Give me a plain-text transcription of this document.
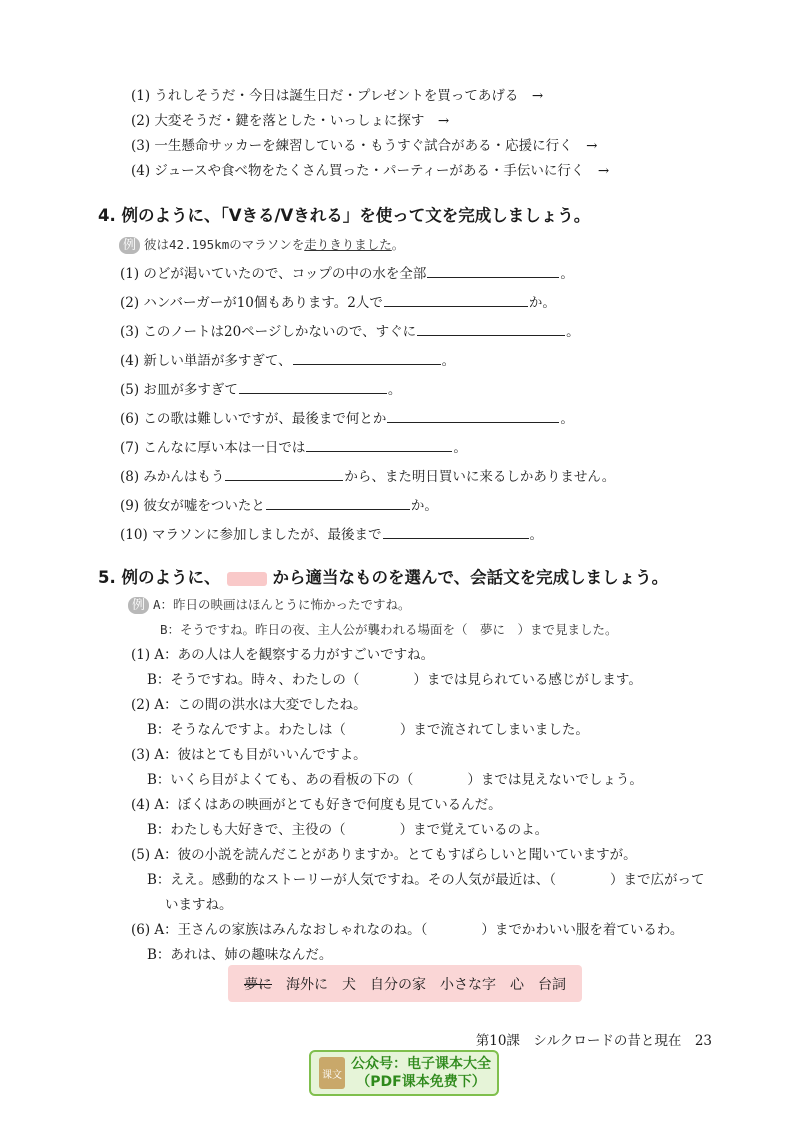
(1) うれしそうだ・今日は誕生日だ・プレゼントを買ってあげる　→
(2) 大変そうだ・鍵を落とした・いっしょに探す　→
(3) 一生懸命サッカーを練習している・もうすぐ試合がある・応援に行く　→
(4) ジュースや食べ物をたくさん買った・パーティーがある・手伝いに行く　→
4. 例のように、「Vきる/Vきれる」を使って文を完成しましょう。
例 彼は42.195kmのマラソンを走りきりました。
(1) のどが渇いていたので、コップの中の水を全部	。
(2) ハンバーガーが10個もあります。2人で	か。
(3) このノートは20ページしかないので、すぐに	。
(4) 新しい単語が多すぎて、	。
(5) お皿が多すぎて	。
(6) この歌は難しいですが、最後まで何とか	。
(7) こんなに厚い本は一日では	。
(8) みかんはもう	から、また明日買いに来るしかありません。
(9) 彼女が嘘をついたと	か。
(10) マラソンに参加しましたが、最後まで	。
5. 例のように、	から適当なものを選んで、会話文を完成しましょう。
例 A：昨日の映画はほんとうに怖かったですね。
B：そうですね。昨日の夜、主人公が襲われる場面を（　夢に　）まで見ました。
(1) A：あの人は人を観察する力がすごいですね。
B：そうですね。時々、わたしの（　　　　）までは見られている感じがします。
(2) A：この間の洪水は大変でしたね。
B：そうなんですよ。わたしは（　　　　）まで流されてしまいました。
(3) A：彼はとても目がいいんですよ。
B：いくら目がよくても、あの看板の下の（　　　　）までは見えないでしょう。
(4) A：ぼくはあの映画がとても好きで何度も見ているんだ。
B：わたしも大好きで、主役の（　　　　）まで覚えているのよ。
(5) A：彼の小説を読んだことがありますか。とてもすばらしいと聞いていますが。
B：ええ。感動的なストーリーが人気ですね。その人気が最近は、（　　　　）まで広がって
いますね。
(6) A：王さんの家族はみんなおしゃれなのね。（　　　　）までかわいい服を着ているわ。
B：あれは、姉の趣味なんだ。
夢に 海外に 犬 自分の家 小さな字 心 台詞
第10課　シルクロードの昔と現在　23
课文
公众号：电子课本大全
（PDF课本免费下）
